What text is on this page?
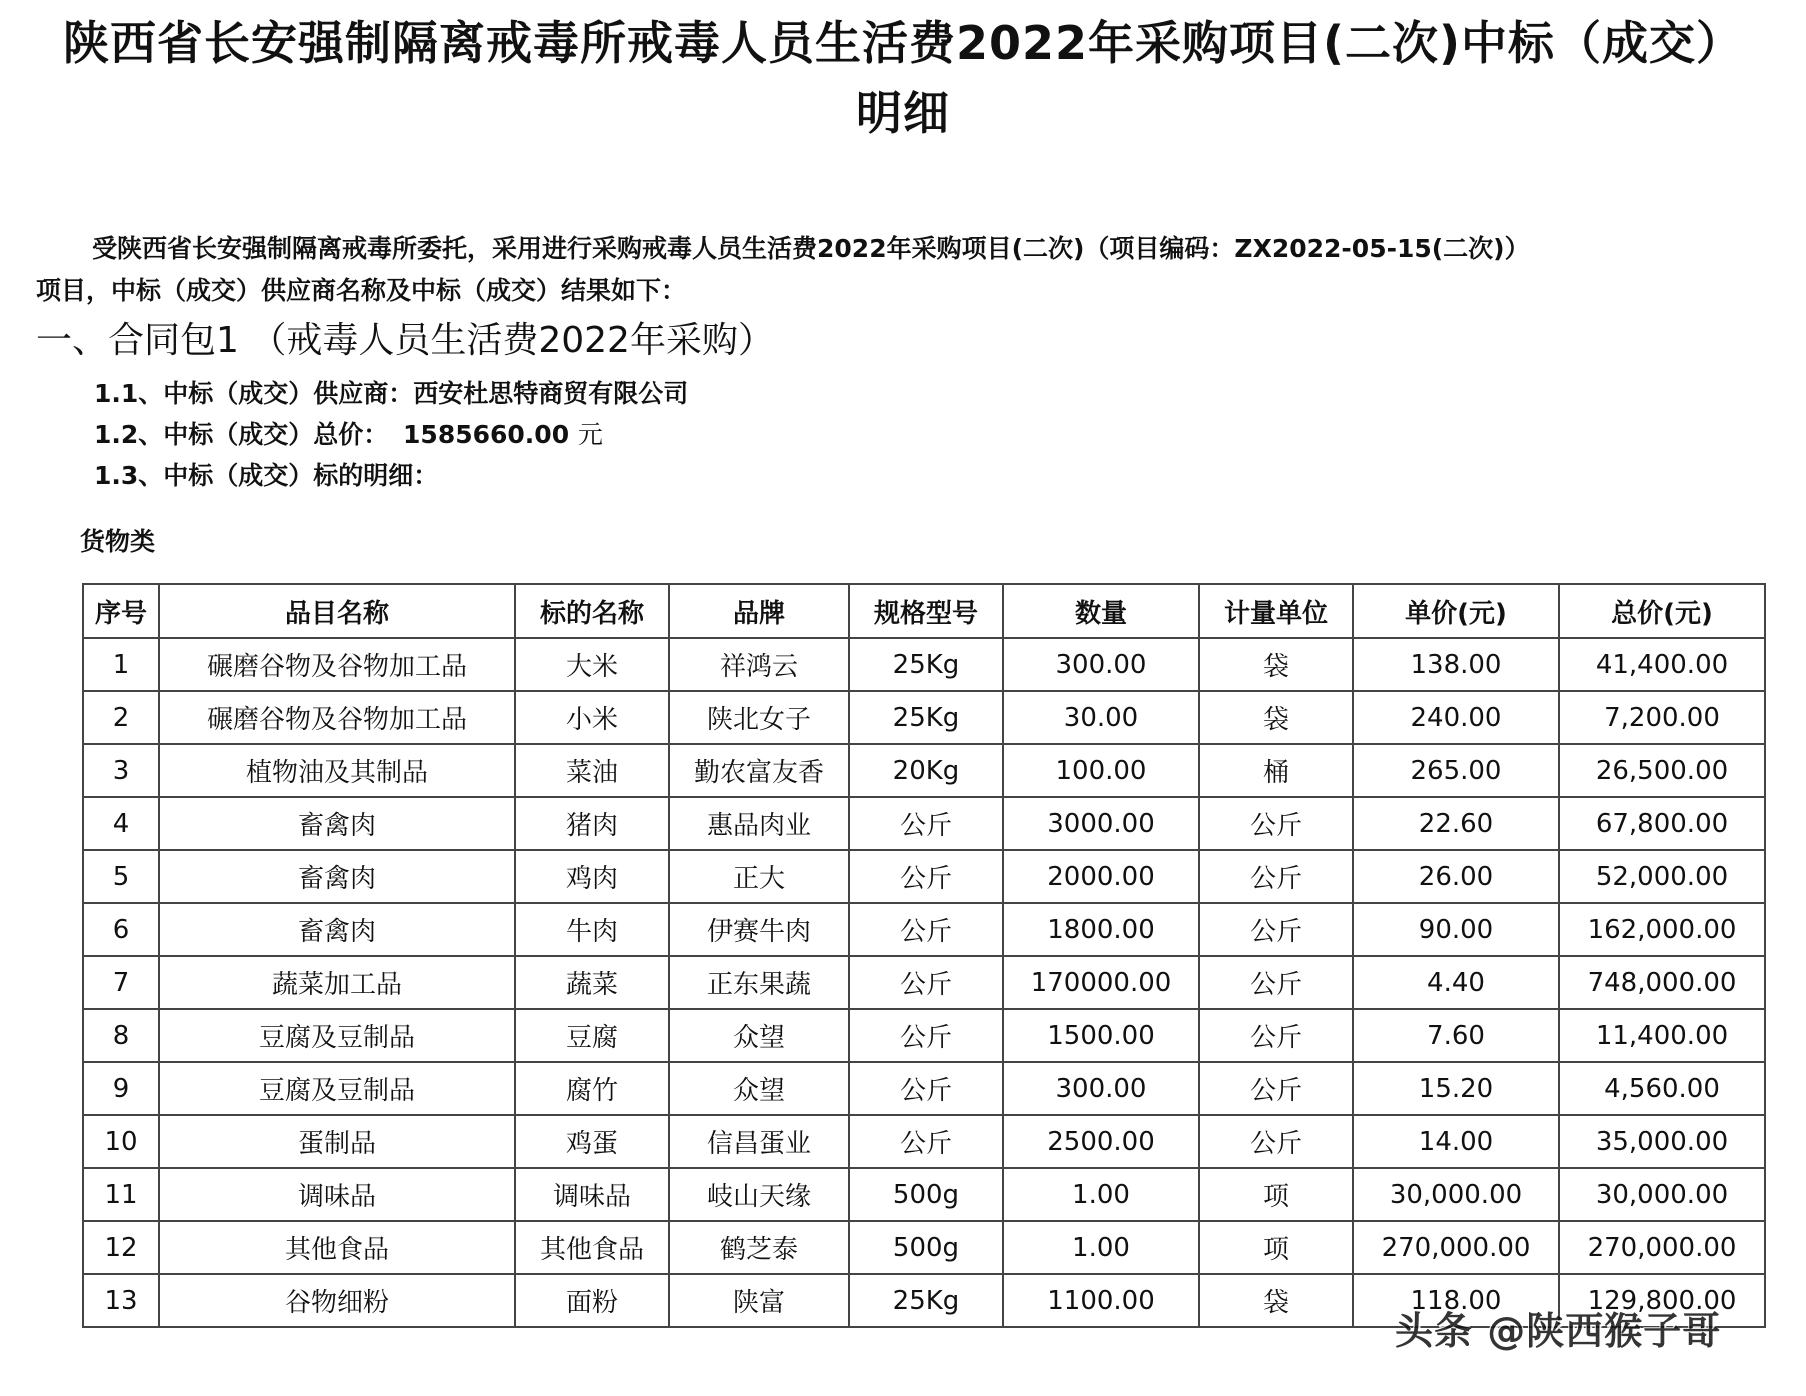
陕西省长安强制隔离戒毒所戒毒人员生活费2022年采购项目(二次)中标（成交）明细
受陕西省长安强制隔离戒毒所委托，采用进行采购戒毒人员生活费2022年采购项目(二次)（项目编码：ZX2022-05-15(二次)）
项目，中标（成交）供应商名称及中标（成交）结果如下：
一、合同包1 （戒毒人员生活费2022年采购）
1.1、中标（成交）供应商：西安杜思特商贸有限公司
1.2、中标（成交）总价： 1585660.00 元
1.3、中标（成交）标的明细：
货物类
序号	品目名称	标的名称	品牌	规格型号	数量	计量单位	单价(元)	总价(元)
1	碾磨谷物及谷物加工品	大米	祥鸿云	25Kg	300.00	袋	138.00	41,400.00
2	碾磨谷物及谷物加工品	小米	陕北女子	25Kg	30.00	袋	240.00	7,200.00
3	植物油及其制品	菜油	勤农富友香	20Kg	100.00	桶	265.00	26,500.00
4	畜禽肉	猪肉	惠品肉业	公斤	3000.00	公斤	22.60	67,800.00
5	畜禽肉	鸡肉	正大	公斤	2000.00	公斤	26.00	52,000.00
6	畜禽肉	牛肉	伊赛牛肉	公斤	1800.00	公斤	90.00	162,000.00
7	蔬菜加工品	蔬菜	正东果蔬	公斤	170000.00	公斤	4.40	748,000.00
8	豆腐及豆制品	豆腐	众望	公斤	1500.00	公斤	7.60	11,400.00
9	豆腐及豆制品	腐竹	众望	公斤	300.00	公斤	15.20	4,560.00
10	蛋制品	鸡蛋	信昌蛋业	公斤	2500.00	公斤	14.00	35,000.00
11	调味品	调味品	岐山天缘	500g	1.00	项	30,000.00	30,000.00
12	其他食品	其他食品	鹤芝泰	500g	1.00	项	270,000.00	270,000.00
13	谷物细粉	面粉	陕富	25Kg	1100.00	袋	118.00	129,800.00
头条 @陕西猴子哥
